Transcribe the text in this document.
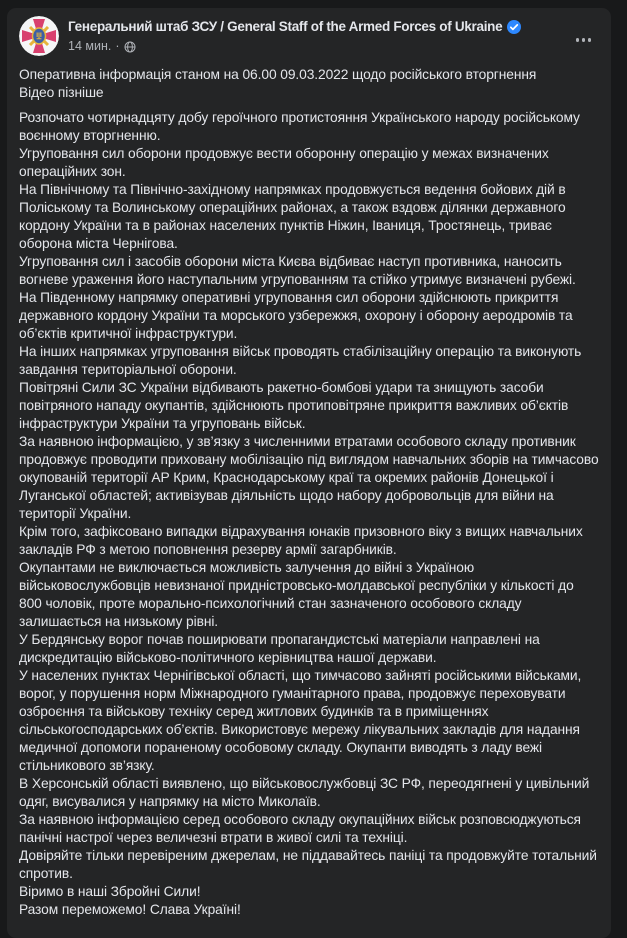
Генеральний штаб ЗСУ / General Staff of the Armed Forces of Ukraine
14 мин. ·
Оперативна інформація станом на 06.00 09.03.2022 щодо російського вторгнення
Відео пізніше
Розпочато чотирнадцяту добу героїчного протистояння Українського народу російському воєнному вторгненню.
Угруповання сил оборони продовжує вести оборонну операцію у межах визначених операційних зон.
На Північному та Північно-західному напрямках продовжується ведення бойових дій в Поліському та Волинському операційних районах, а також вздовж ділянки державного кордону України та в районах населених пунктів Ніжин, Іваниця, Тростянець, триває оборона міста Чернігова.
Угруповання сил і засобів оборони міста Києва відбиває наступ противника, наносить вогневе ураження його наступальним угрупованням та стійко утримує визначені рубежі.
На Південному напрямку оперативні угруповання сил оборони здійснюють прикриття державного кордону України та морського узбережжя, охорону і оборону аеродромів та об’єктів критичної інфраструктури.
На інших напрямках угруповання військ проводять стабілізаційну операцію та виконують завдання територіальної оборони.
Повітряні Сили ЗС України відбивають ракетно-бомбові удари та знищують засоби повітряного нападу окупантів, здійснюють протиповітряне прикриття важливих об’єктів інфраструктури України та угруповань військ.
За наявною інформацією, у зв’язку з численними втратами особового складу противник продовжує проводити приховану мобілізацію під виглядом навчальних зборів на тимчасово окупованій території АР Крим, Краснодарському краї та окремих районів Донецької і Луганської областей; активізував діяльність щодо набору добровольців для війни на території України.
Крім того, зафіксовано випадки відрахування юнаків призовного віку з вищих навчальних закладів РФ з метою поповнення резерву армії загарбників.
Окупантами не виключається можливість залучення до війні з Україною військовослужбовців невизнаної придністровсько-молдавської республіки у кількості до 800 чоловік, проте морально-психологічний стан зазначеного особового складу залишається на низькому рівні.
У Бердянську ворог почав поширювати пропагандистські матеріали направлені на дискредитацію військово-політичного керівництва нашої держави.
У населених пунктах Чернігівської області, що тимчасово зайняті російськими військами, ворог, у порушення норм Міжнародного гуманітарного права, продовжує переховувати озброєння та військову техніку серед житлових будинків та в приміщеннях сільськогосподарських об’єктів. Використовує мережу лікувальних закладів для надання медичної допомоги пораненому особовому складу. Окупанти виводять з ладу вежі стільникового зв’язку.
В Херсонській області виявлено, що військовослужбовці ЗС РФ, переодягнені у цивільний одяг, висувалися у напрямку на місто Миколаїв.
За наявною інформацією серед особового складу окупаційних військ розповсюджуються панічні настрої через величезні втрати в живої силі та техніці.
Довіряйте тільки перевіреним джерелам, не піддавайтесь паніці та продовжуйте тотальний спротив.
Віримо в наші Збройні Сили!
Разом переможемо! Слава Україні!
